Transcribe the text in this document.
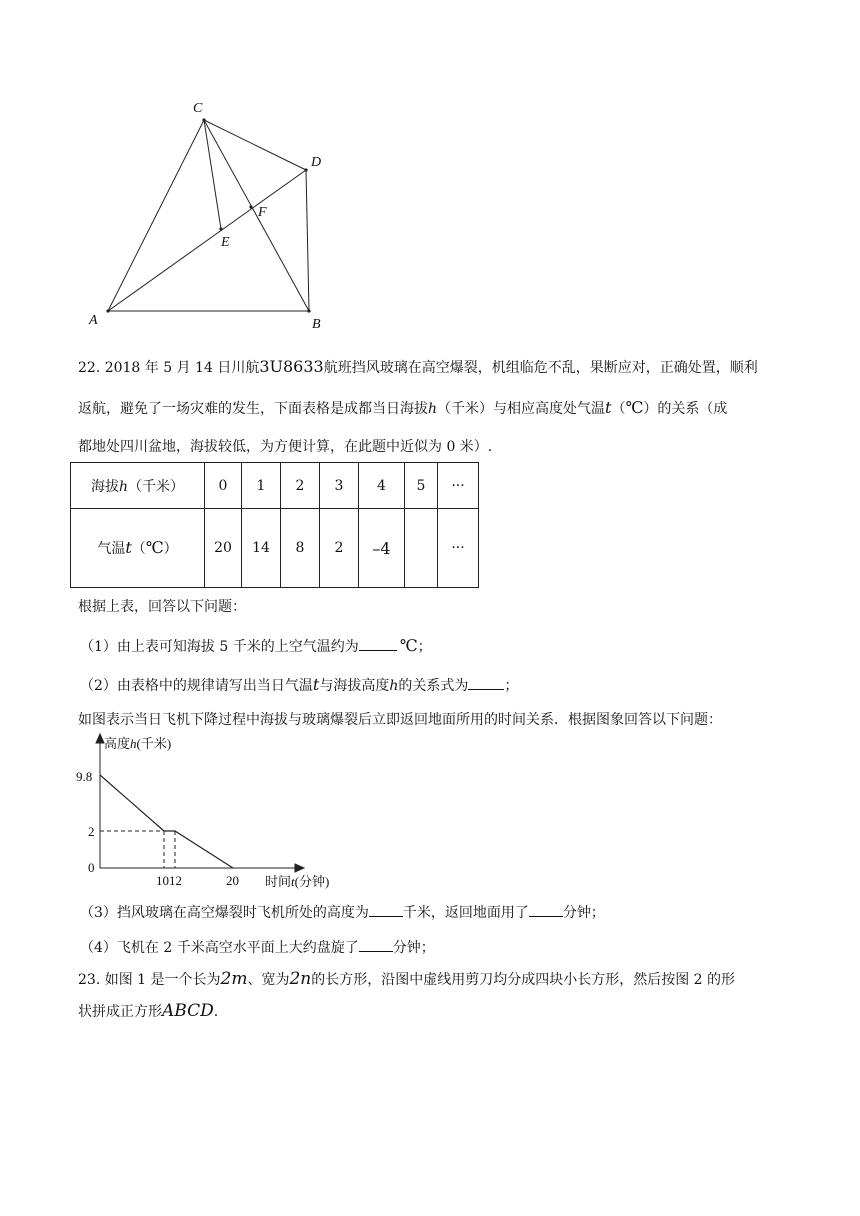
C
D
A	B
E
F
22. 2018 年 5 月 14 日川航3U8633航班挡风玻璃在高空爆裂，机组临危不乱，果断应对，正确处置，顺利
返航，避免了一场灾难的发生，下面表格是成都当日海拔h（千米）与相应高度处气温t（℃）的关系（成
都地处四川盆地，海拔较低，为方便计算，在此题中近似为 0 米）.
海拔h（千米）	0	1	2	3	4	5	···
气温t（℃）	20	14	8	2	–4		···
根据上表，回答以下问题：
（1）由上表可知海拔 5 千米的上空气温约为	℃；
（2）由表格中的规律请写出当日气温t与海拔高度h的关系式为	；
如图表示当日飞机下降过程中海拔与玻璃爆裂后立即返回地面所用的时间关系．根据图象回答以下问题：
高度h(千米)
9.8
2
0
1012	20 时间t(分钟)
（3）挡风玻璃在高空爆裂时飞机所处的高度为 千米，返回地面用了 分钟；
（4）飞机在 2 千米高空水平面上大约盘旋了 分钟；
23. 如图 1 是一个长为2m、宽为2n的长方形，沿图中虚线用剪刀均分成四块小长方形，然后按图 2 的形
状拼成正方形ABCD.
